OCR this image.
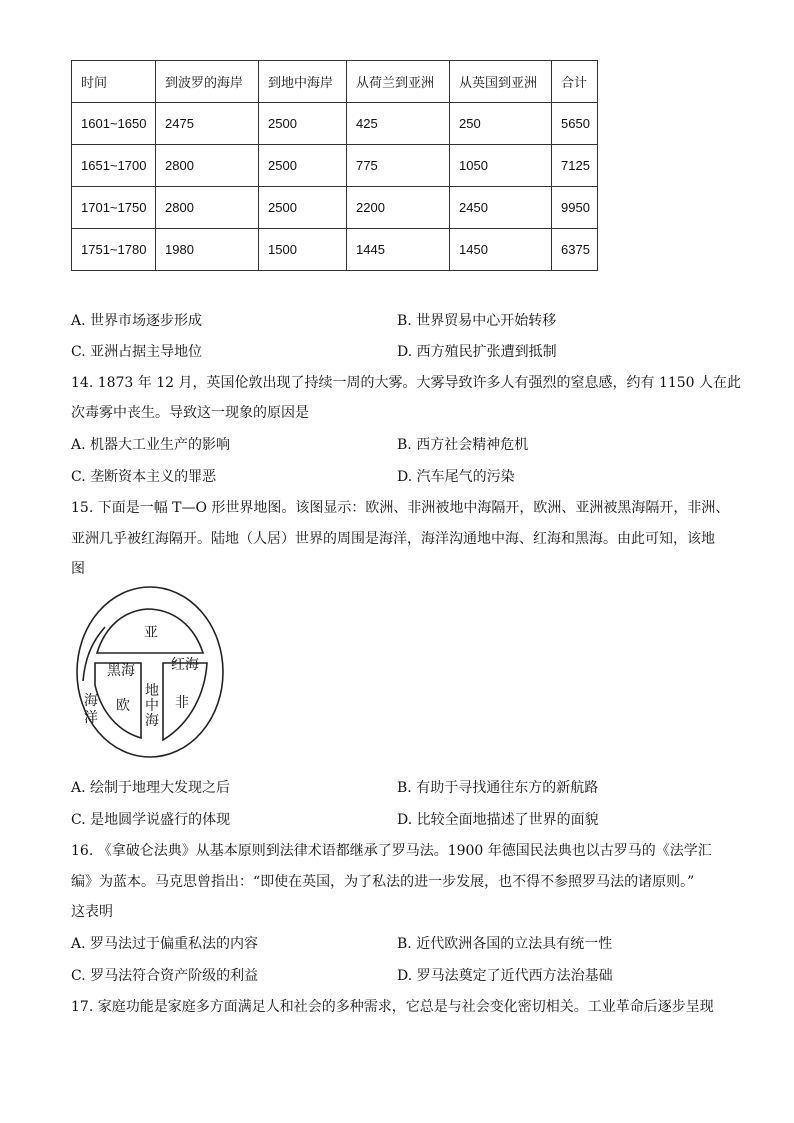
时间	到波罗的海岸	到地中海岸	从荷兰到亚洲	从英国到亚洲	合计
1601~1650	2475	2500	425	250	5650
1651~1700	2800	2500	775	1050	7125
1701~1750	2800	2500	2200	2450	9950
1751~1780	1980	1500	1445	1450	6375
A. 世界市场逐步形成	B. 世界贸易中心开始转移
C. 亚洲占据主导地位	D. 西方殖民扩张遭到抵制
14. 1873 年 12 月，英国伦敦出现了持续一周的大雾。大雾导致许多人有强烈的窒息感，约有 1150 人在此
次毒雾中丧生。导致这一现象的原因是
A. 机器大工业生产的影响	B. 西方社会精神危机
C. 垄断资本主义的罪恶	D. 汽车尾气的污染
15. 下面是一幅 T—O 形世界地图。该图显示：欧洲、非洲被地中海隔开，欧洲、亚洲被黑海隔开，非洲、
亚洲几乎被红海隔开。陆地（人居）世界的周围是海洋，海洋沟通地中海、红海和黑海。由此可知，该地
图
亚
黑海	红海
欧	非
海
洋
地
中
海
A. 绘制于地理大发现之后	B. 有助于寻找通往东方的新航路
C. 是地圆学说盛行的体现	D. 比较全面地描述了世界的面貌
16. 《拿破仑法典》从基本原则到法律术语都继承了罗马法。1900 年德国民法典也以古罗马的《法学汇
编》为蓝本。马克思曾指出：“即使在英国，为了私法的进一步发展，也不得不参照罗马法的诸原则。”
这表明
A. 罗马法过于偏重私法的内容	B. 近代欧洲各国的立法具有统一性
C. 罗马法符合资产阶级的利益	D. 罗马法奠定了近代西方法治基础
17. 家庭功能是家庭多方面满足人和社会的多种需求，它总是与社会变化密切相关。工业革命后逐步呈现
